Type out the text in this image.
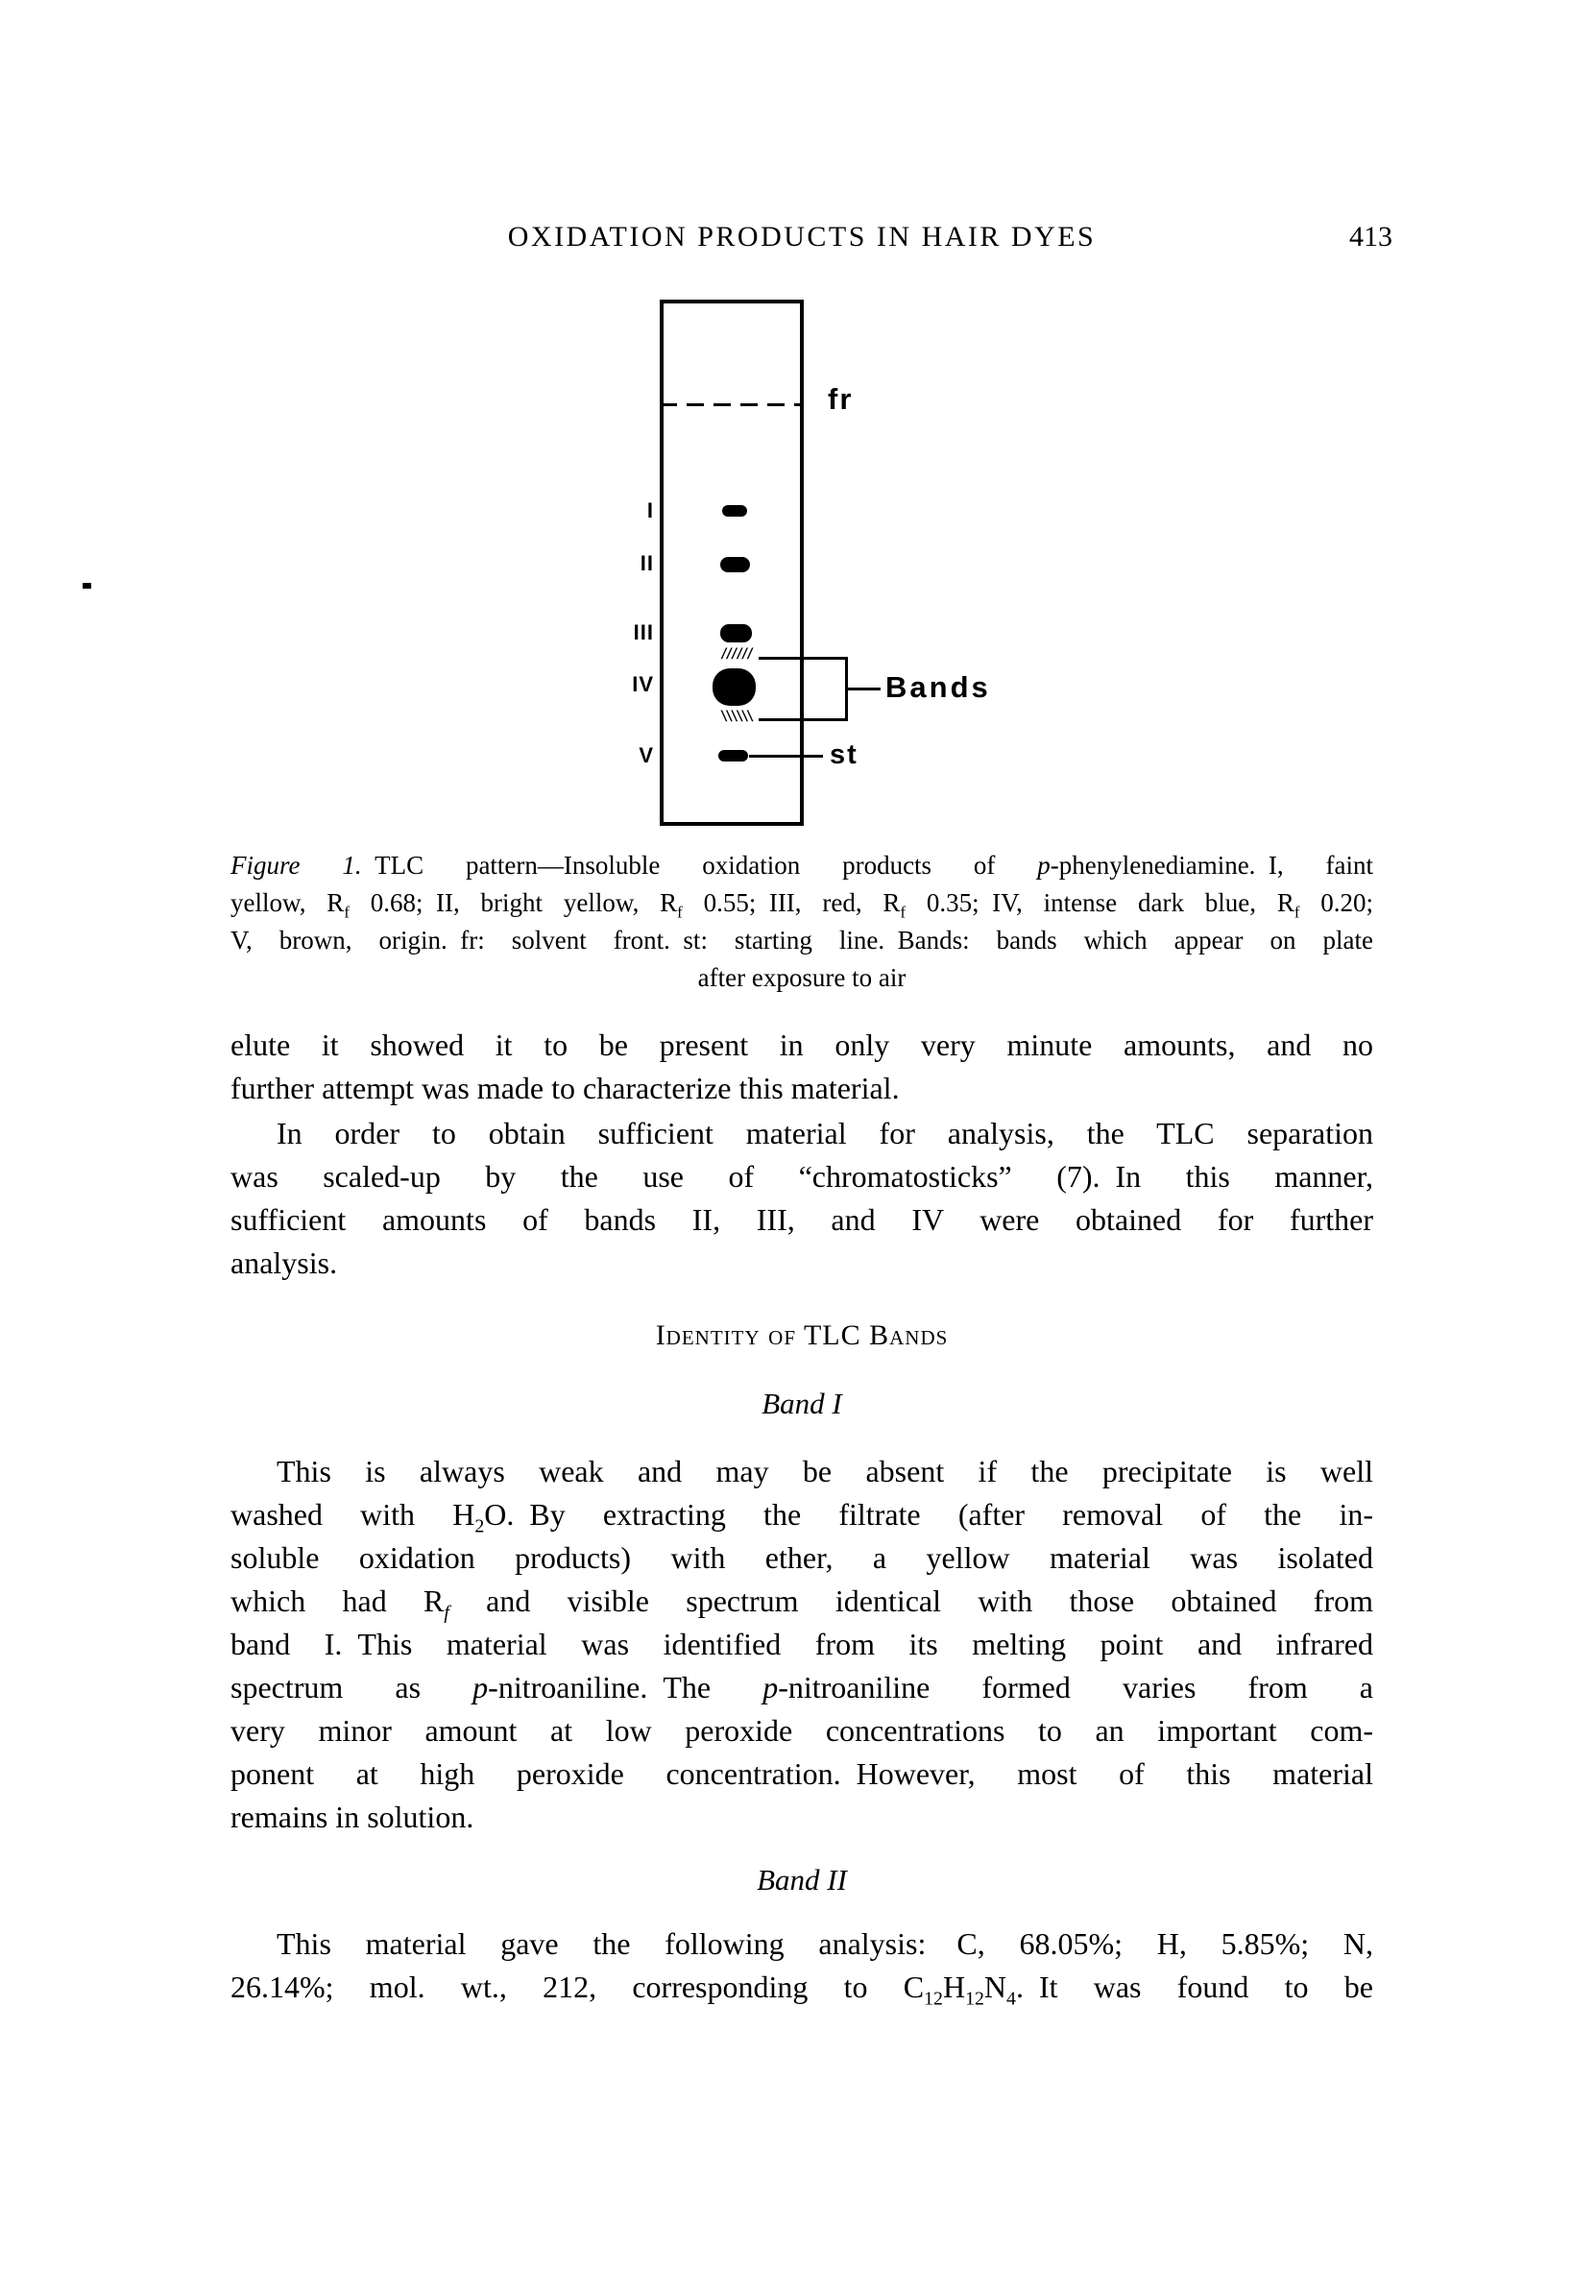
OXIDATION PRODUCTS IN HAIR DYES	413
fr
I
II
III
IV
V
//////
\\\\\\
Bands
st
Figure 1. TLC pattern—Insoluble oxidation products of p-phenylenediamine. I, faint
yellow, $R_f$ 0.68; II, bright yellow, $R_f$ 0.55; III, red, $R_f$ 0.35; IV, intense dark blue, $R_f$ 0.20;
V, brown, origin. fr: solvent front. st: starting line. Bands: bands which appear on plate
after exposure to air
elute it showed it to be present in only very minute amounts, and no
further attempt was made to characterize this material.
In order to obtain sufficient material for analysis, the TLC separation
was scaled-up by the use of “chromatosticks” (7). In this manner,
sufficient amounts of bands II, III, and IV were obtained for further
analysis.
Identity of TLC Bands
Band I
This is always weak and may be absent if the precipitate is well
washed with $H_2O$. By extracting the filtrate (after removal of the in-
soluble oxidation products) with ether, a yellow material was isolated
which had $R_f$ and visible spectrum identical with those obtained from
band I. This material was identified from its melting point and infrared
spectrum as p-nitroaniline. The p-nitroaniline formed varies from a
very minor amount at low peroxide concentrations to an important com-
ponent at high peroxide concentration. However, most of this material
remains in solution.
Band II
This material gave the following analysis: C, 68.05%; H, 5.85%; N,
26.14%; mol. wt., 212, corresponding to $C_{12}H_{12}N_4$. It was found to be
